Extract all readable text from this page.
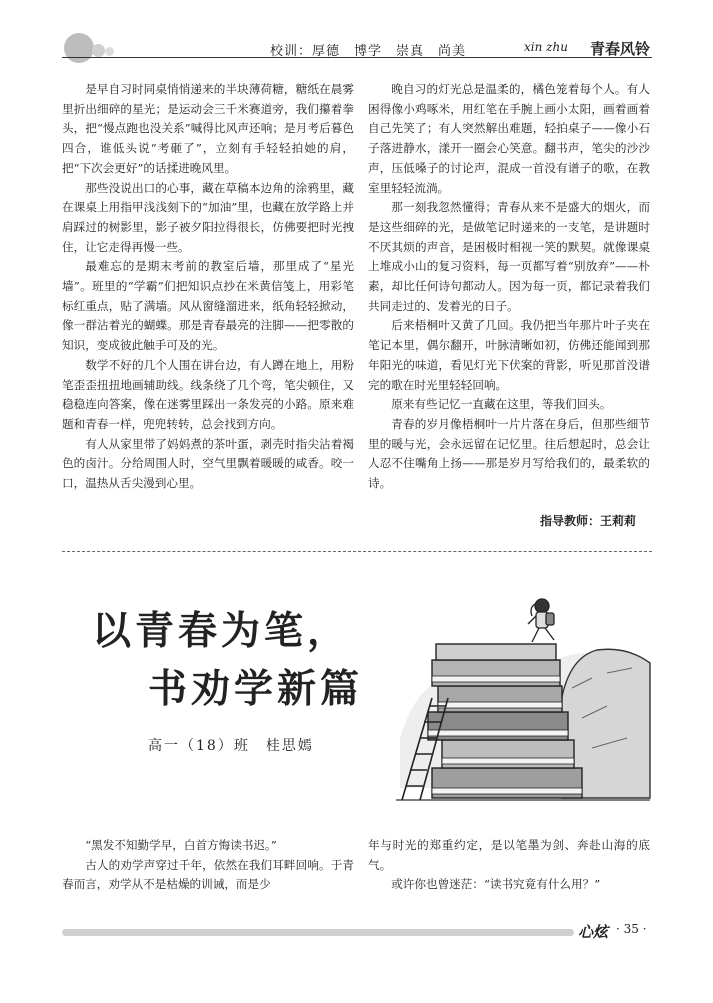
校训：厚德　博学　崇真　尚美	xin zhu 青春风铃

是早自习时同桌悄悄递来的半块薄荷糖，糖纸在晨雾里折出细碎的星光；是运动会三千米赛道旁，我们攥着拳头，把“慢点跑也没关系”喊得比风声还响；是月考后暮色四合，谁低头说“考砸了”，立刻有手轻轻拍她的肩，把“下次会更好”的话揉进晚风里。

那些没说出口的心事，藏在草稿本边角的涂鸦里，藏在课桌上用指甲浅浅刻下的“加油”里，也藏在放学路上并肩踩过的树影里，影子被夕阳拉得很长，仿佛要把时光拽住，让它走得再慢一些。

最难忘的是期末考前的教室后墙，那里成了“星光墙”。班里的“学霸”们把知识点抄在米黄信笺上，用彩笔标红重点，贴了满墙。风从窗缝溜进来，纸角轻轻掀动，像一群沾着光的蝴蝶。那是青春最亮的注脚——把零散的知识，变成彼此触手可及的光。

数学不好的几个人围在讲台边，有人蹲在地上，用粉笔歪歪扭扭地画辅助线。线条绕了几个弯，笔尖顿住，又稳稳连向答案，像在迷雾里踩出一条发亮的小路。原来难题和青春一样，兜兜转转，总会找到方向。

有人从家里带了妈妈煮的茶叶蛋，剥壳时指尖沾着褐色的卤汁。分给周围人时，空气里飘着暖暖的咸香。咬一口，温热从舌尖漫到心里。

晚自习的灯光总是温柔的，橘色笼着每个人。有人困得像小鸡啄米，用红笔在手腕上画小太阳，画着画着自己先笑了；有人突然解出难题，轻拍桌子——像小石子落进静水，漾开一圈会心笑意。翻书声，笔尖的沙沙声，压低嗓子的讨论声，混成一首没有谱子的歌，在教室里轻轻流淌。

那一刻我忽然懂得；青春从来不是盛大的烟火，而是这些细碎的光，是做笔记时递来的一支笔，是讲题时不厌其烦的声音，是困极时相视一笑的默契。就像课桌上堆成小山的复习资料，每一页都写着“别放弃”——朴素，却比任何诗句都动人。因为每一页，都记录着我们共同走过的、发着光的日子。

后来梧桐叶又黄了几回。我仍把当年那片叶子夹在笔记本里，偶尔翻开，叶脉清晰如初，仿佛还能闻到那年阳光的味道，看见灯光下伏案的背影，听见那首没谱完的歌在时光里轻轻回响。

原来有些记忆一直藏在这里，等我们回头。

青春的岁月像梧桐叶一片片落在身后，但那些细节里的暖与光，会永远留在记忆里。往后想起时，总会让人忍不住嘴角上扬——那是岁月写给我们的，最柔软的诗。

指导教师：王莉莉
以青春为笔，
书劝学新篇
高一（18）班　桂思嫣

“黑发不知勤学早，白首方悔读书迟。”

古人的劝学声穿过千年，依然在我们耳畔回响。于青春而言，劝学从不是枯燥的训诫，而是少

年与时光的郑重约定，是以笔墨为剑、奔赴山海的底气。

或许你也曾迷茫：“读书究竟有什么用？”

心炫 · 35 ·
